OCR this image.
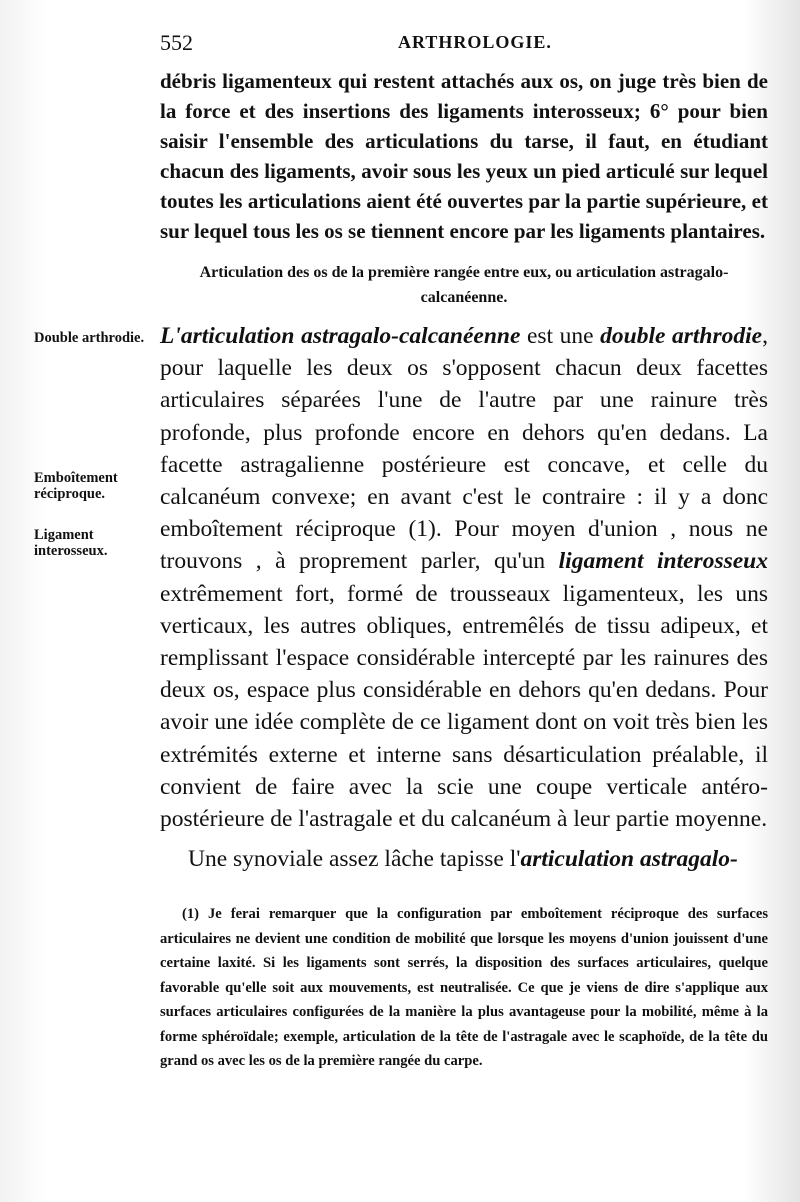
552	ARTHROLOGIE.

débris ligamenteux qui restent attachés aux os, on juge très bien de la force et des insertions des ligaments interosseux; 6° pour bien saisir l'ensemble des articulations du tarse, il faut, en étudiant chacun des ligaments, avoir sous les yeux un pied articulé sur lequel toutes les articulations aient été ouvertes par la partie supérieure, et sur lequel tous les os se tiennent encore par les ligaments plantaires.

Articulation des os de la première rangée entre eux, ou articulation astragalo-calcanéenne.
Double arthrodie.
Emboîtement réciproque.
Ligament interosseux.

L'articulation astragalo-calcanéenne est une double arthrodie, pour laquelle les deux os s'opposent chacun deux facettes articulaires séparées l'une de l'autre par une rainure très profonde, plus profonde encore en dehors qu'en dedans. La facette astragalienne postérieure est concave, et celle du calcanéum convexe; en avant c'est le contraire : il y a donc emboîtement réciproque (1). Pour moyen d'union , nous ne trouvons , à proprement parler, qu'un ligament interosseux extrêmement fort, formé de trousseaux ligamenteux, les uns verticaux, les autres obliques, entremêlés de tissu adipeux, et remplissant l'espace considérable intercepté par les rainures des deux os, espace plus considérable en dehors qu'en dedans. Pour avoir une idée complète de ce ligament dont on voit très bien les extrémités externe et interne sans désarticulation préalable, il convient de faire avec la scie une coupe verticale antéro-postérieure de l'astragale et du calcanéum à leur partie moyenne.

Une synoviale assez lâche tapisse l'articulation astragalo-

(1) Je ferai remarquer que la configuration par emboîtement réciproque des surfaces articulaires ne devient une condition de mobilité que lorsque les moyens d'union jouissent d'une certaine laxité. Si les ligaments sont serrés, la disposition des surfaces articulaires, quelque favorable qu'elle soit aux mouvements, est neutralisée. Ce que je viens de dire s'applique aux surfaces articulaires configurées de la manière la plus avantageuse pour la mobilité, même à la forme sphéroïdale; exemple, articulation de la tête de l'astragale avec le scaphoïde, de la tête du grand os avec les os de la première rangée du carpe.
